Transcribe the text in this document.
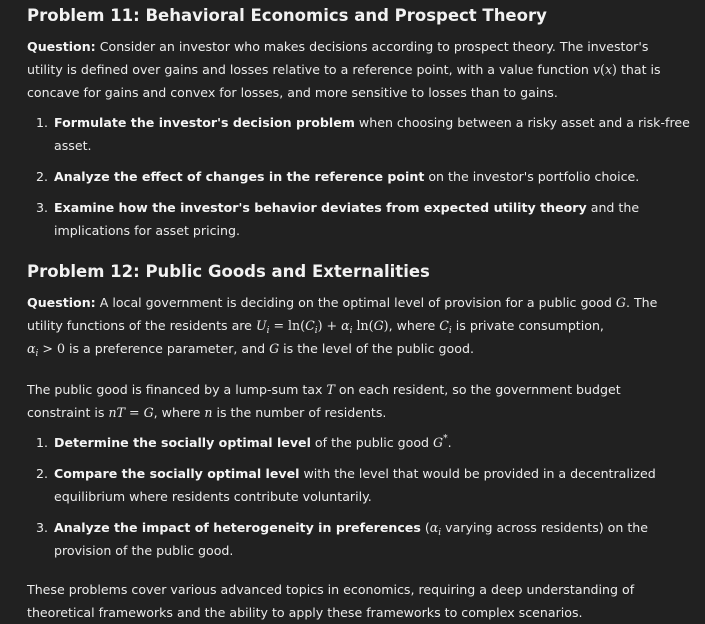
Problem 11: Behavioral Economics and Prospect Theory
Question: Consider an investor who makes decisions according to prospect theory. The investor's
utility is defined over gains and losses relative to a reference point, with a value function v(x) that is
concave for gains and convex for losses, and more sensitive to losses than to gains.
1. Formulate the investor's decision problem when choosing between a risky asset and a risk-free
asset.
2. Analyze the effect of changes in the reference point on the investor's portfolio choice.
3. Examine how the investor's behavior deviates from expected utility theory and the
implications for asset pricing.
Problem 12: Public Goods and Externalities
Question: A local government is deciding on the optimal level of provision for a public good G. The
utility functions of the residents are $U_i = \ln(C_i) + \alpha_i$ ln(G), where $C_i$ is private consumption,
$\alpha_i > 0$ is a preference parameter, and G is the level of the public good.
The public good is financed by a lump-sum tax T on each resident, so the government budget
constraint is nT = G, where n is the number of residents.
1. Determine the socially optimal level of the public good G*.
2. Compare the socially optimal level with the level that would be provided in a decentralized
equilibrium where residents contribute voluntarily.
3. Analyze the impact of heterogeneity in preferences ($\alpha_i$ varying across residents) on the
provision of the public good.
These problems cover various advanced topics in economics, requiring a deep understanding of
theoretical frameworks and the ability to apply these frameworks to complex scenarios.
